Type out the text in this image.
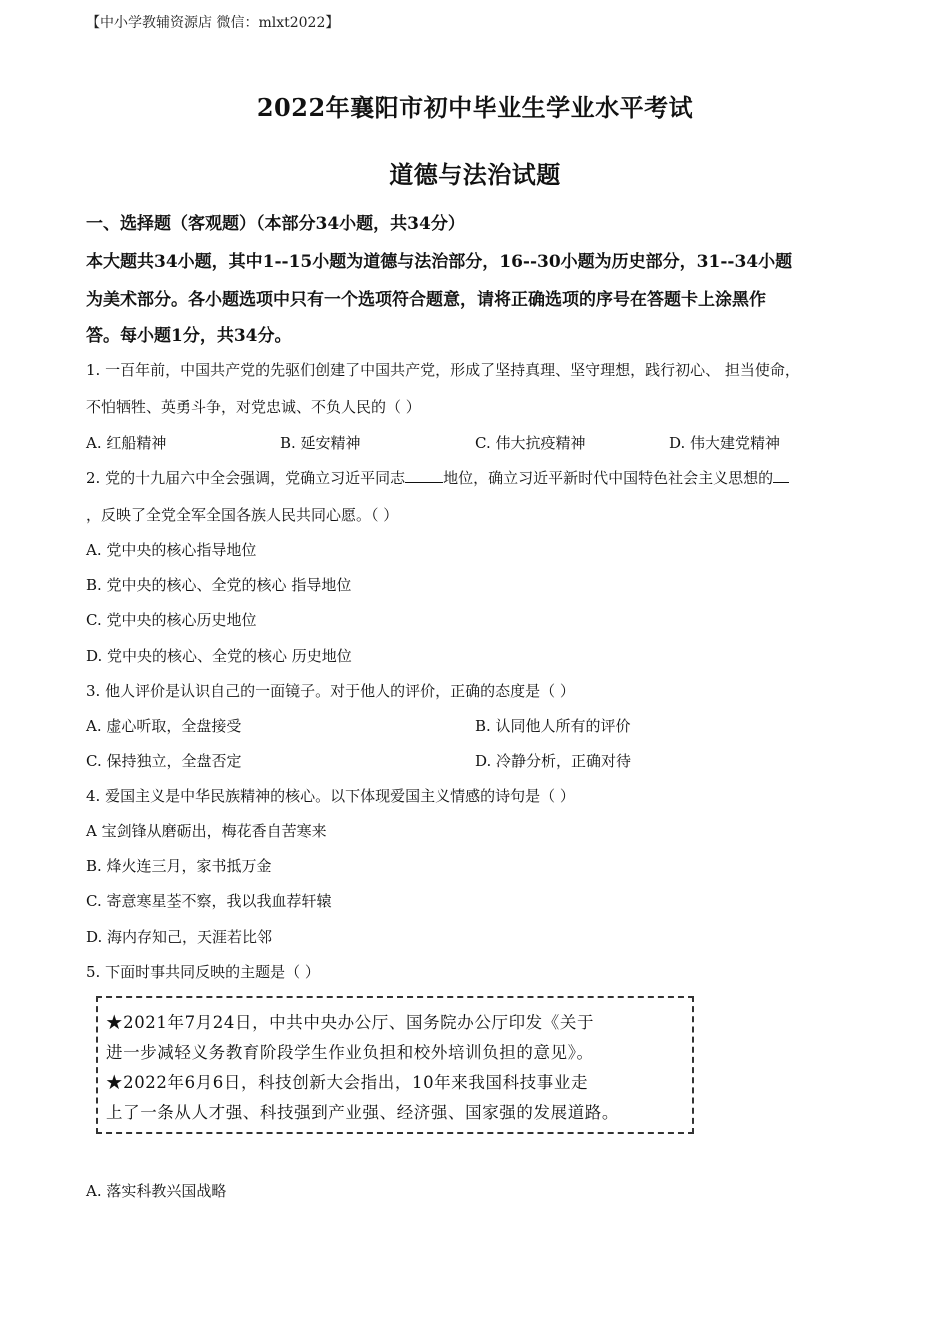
【中小学教辅资源店 微信：mlxt2022】
2022年襄阳市初中毕业生学业水平考试
道德与法治试题
一、选择题（客观题）（本部分34小题，共34分）
本大题共34小题，其中1--15小题为道德与法治部分，16--30小题为历史部分，31--34小题
为美术部分。各小题选项中只有一个选项符合题意，请将正确选项的序号在答题卡上涂黑作
答。每小题1分，共34分。
1. 一百年前，中国共产党的先驱们创建了中国共产党，形成了坚持真理、坚守理想，践行初心、 担当使命，
不怕牺牲、英勇斗争，对党忠诚、不负人民的（ ）
A. 红船精神	B. 延安精神	C. 伟大抗疫精神	D. 伟大建党精神
2. 党的十九届六中全会强调，党确立习近平同志	地位，确立习近平新时代中国特色社会主义思想的
，反映了全党全军全国各族人民共同心愿。（ ）
A. 党中央的核心指导地位
B. 党中央的核心、全党的核心 指导地位
C. 党中央的核心历史地位
D. 党中央的核心、全党的核心 历史地位
3. 他人评价是认识自己的一面镜子。对于他人的评价，正确的态度是（ ）
A. 虚心听取，全盘接受	B. 认同他人所有的评价
C. 保持独立，全盘否定	D. 冷静分析，正确对待
4. 爱国主义是中华民族精神的核心。以下体现爱国主义情感的诗句是（ ）
A 宝剑锋从磨砺出，梅花香自苦寒来
B. 烽火连三月，家书抵万金
C. 寄意寒星荃不察，我以我血荐轩辕
D. 海内存知己，天涯若比邻
5. 下面时事共同反映的主题是（ ）
★2021年7月24日，中共中央办公厅、国务院办公厅印发《关于
进一步减轻义务教育阶段学生作业负担和校外培训负担的意见》。
★2022年6月6日，科技创新大会指出，10年来我国科技事业走
上了一条从人才强、科技强到产业强、经济强、国家强的发展道路。
A. 落实科教兴国战略
